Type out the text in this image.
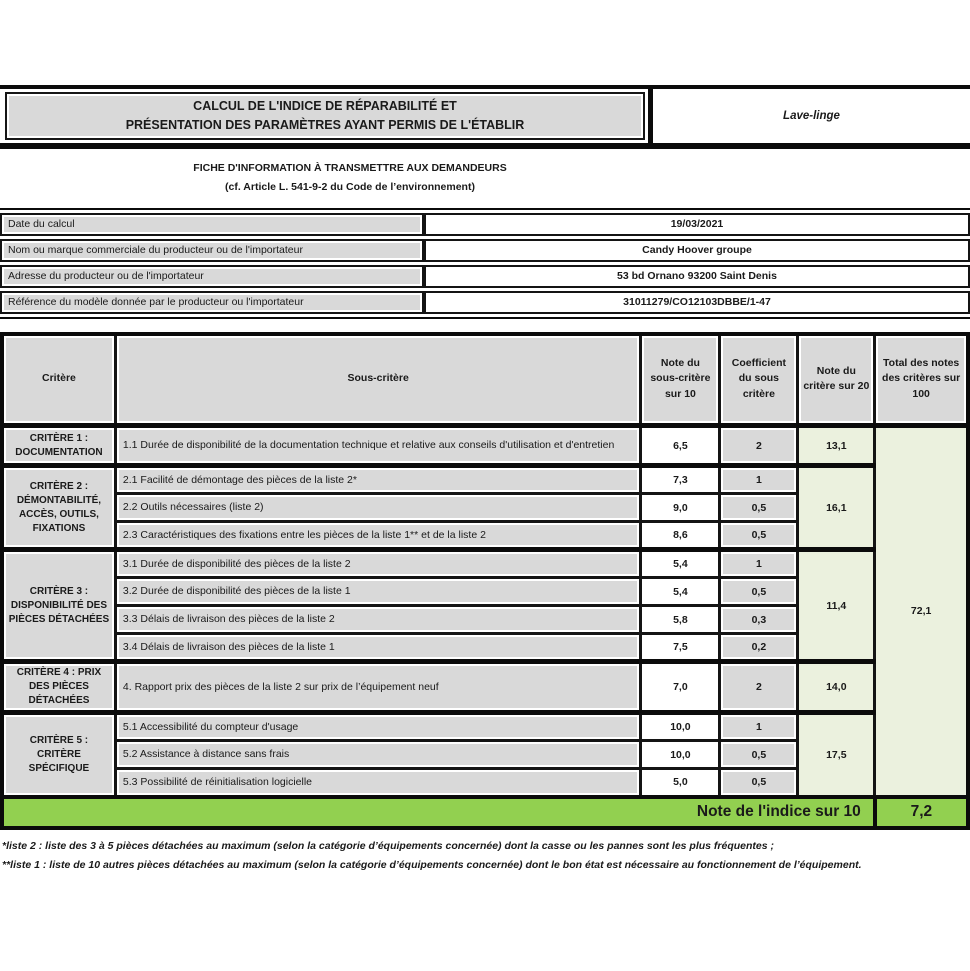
CALCUL DE L'INDICE DE RÉPARABILITÉ ET
PRÉSENTATION DES PARAMÈTRES AYANT PERMIS DE L'ÉTABLIR
Lave-linge
FICHE D'INFORMATION À TRANSMETTRE AUX DEMANDEURS
(cf. Article L. 541-9-2 du Code de l’environnement)
Date du calcul	19/03/2021
Nom ou marque commerciale du producteur ou de l'importateur	Candy Hoover groupe
Adresse du producteur ou de l'importateur	53 bd Ornano 93200 Saint Denis
Référence du modèle donnée par le producteur ou l'importateur	31011279/CO12103DBBE/1-47
Critère	Sous-critère	Note du sous-critère sur 10	Coefficient du sous critère	Note du critère sur 20	Total des notes des critères sur 100
CRITÈRE 1 : DOCUMENTATION	1.1 Durée de disponibilité de la documentation technique et relative aux conseils d'utilisation et d'entretien	6,5	2	13,1	72,1
CRITÈRE 2 : DÉMONTABILITÉ, ACCÈS, OUTILS, FIXATIONS	2.1 Facilité de démontage des pièces de la liste 2*	7,3	1	16,1	
	2.2 Outils nécessaires (liste 2)	9,0	0,5		
	2.3 Caractéristiques des fixations entre les pièces de la liste 1** et de la liste 2	8,6	0,5		
CRITÈRE 3 : DISPONIBILITÉ DES PIÈCES DÉTACHÉES	3.1 Durée de disponibilité des pièces de la liste 2	5,4	1	11,4	
	3.2 Durée de disponibilité des pièces de la liste 1	5,4	0,5		
	3.3 Délais de livraison des pièces de la liste 2	5,8	0,3		
	3.4 Délais de livraison des pièces de la liste 1	7,5	0,2		
CRITÈRE 4 : PRIX DES PIÈCES DÉTACHÉES	4. Rapport prix des pièces de la liste 2 sur prix de l’équipement neuf	7,0	2	14,0	
CRITÈRE 5 : CRITÈRE SPÉCIFIQUE	5.1 Accessibilité du compteur d'usage	10,0	1	17,5	
	5.2 Assistance à distance sans frais	10,0	0,5		
	5.3 Possibilité de réinitialisation logicielle	5,0	0,5		
Note de l'indice sur 10					7,2
*liste 2 : liste des 3 à 5 pièces détachées au maximum (selon la catégorie d’équipements concernée) dont la casse ou les pannes sont les plus fréquentes ;
**liste 1 : liste de 10 autres pièces détachées au maximum (selon la catégorie d’équipements concernée) dont le bon état est nécessaire au fonctionnement de l’équipement.
